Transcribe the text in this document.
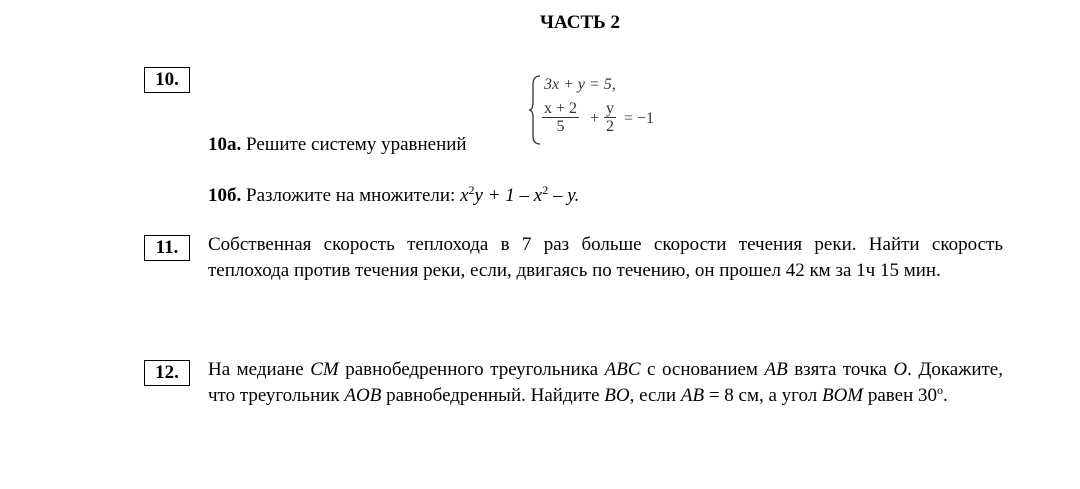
ЧАСТЬ 2
10.	3x + y = 5,
$\frac{x + 2}{5} + \frac{y}{2} = -1$
10а. Решите систему уравнений
10б. Разложите на множители: $x^2y + 1 - x^2 - y$.
11.	Собственная скорость теплохода в 7 раз больше скорости течения реки. Найти скорость теплохода против течения реки, если, двигаясь по течению, он прошел 42 км за 1ч 15 мин.
12.	На медиане CM равнобедренного треугольника ABC с основанием AB взята точка O. Докажите, что треугольник AOB равнобедренный. Найдите BO, если AB = 8 см, а угол BOM равен 30$^o$.
